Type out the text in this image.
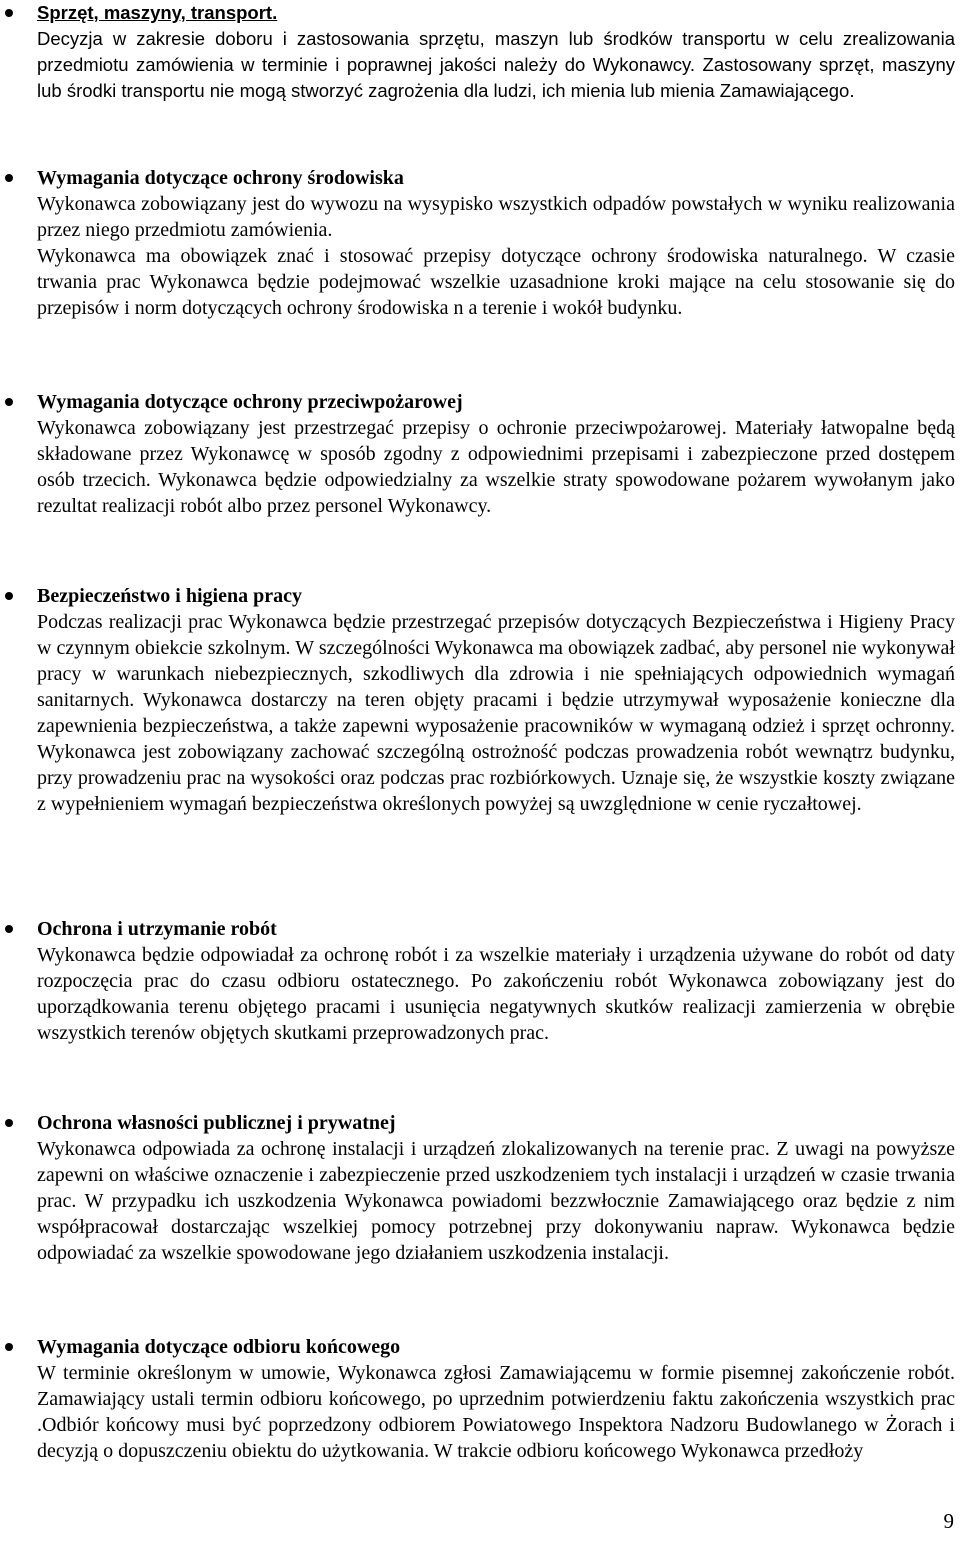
Sprzęt, maszyny, transport.
Decyzja w zakresie doboru i zastosowania sprzętu, maszyn lub środków transportu w celu zrealizowania przedmiotu zamówienia w terminie i poprawnej jakości należy do Wykonawcy. Zastosowany sprzęt, maszyny lub środki transportu nie mogą stworzyć zagrożenia dla ludzi, ich mienia lub mienia Zamawiającego.
Wymagania dotyczące ochrony środowiska
Wykonawca zobowiązany jest do wywozu na wysypisko wszystkich odpadów powstałych w wyniku realizowania przez niego przedmiotu zamówienia.
Wykonawca ma obowiązek znać i stosować przepisy dotyczące ochrony środowiska naturalnego. W czasie trwania prac Wykonawca będzie podejmować wszelkie uzasadnione kroki mające na celu stosowanie się do przepisów i norm dotyczących ochrony środowiska n a terenie i wokół budynku.
Wymagania dotyczące ochrony przeciwpożarowej
Wykonawca zobowiązany jest przestrzegać przepisy o ochronie przeciwpożarowej. Materiały łatwopalne będą składowane przez Wykonawcę w sposób zgodny z odpowiednimi przepisami i zabezpieczone przed dostępem osób trzecich. Wykonawca będzie odpowiedzialny za wszelkie straty spowodowane pożarem wywołanym jako rezultat realizacji robót albo przez personel Wykonawcy.
Bezpieczeństwo i higiena pracy
Podczas realizacji prac Wykonawca będzie przestrzegać przepisów dotyczących Bezpieczeństwa i Higieny Pracy w czynnym obiekcie szkolnym. W szczególności Wykonawca ma obowiązek zadbać, aby personel nie wykonywał pracy w warunkach niebezpiecznych, szkodliwych dla zdrowia i nie spełniających odpowiednich wymagań sanitarnych. Wykonawca dostarczy na teren objęty pracami i będzie utrzymywał wyposażenie konieczne dla zapewnienia bezpieczeństwa, a także zapewni wyposażenie pracowników w wymaganą odzież i sprzęt ochronny. Wykonawca jest zobowiązany zachować szczególną ostrożność podczas prowadzenia robót wewnątrz budynku, przy prowadzeniu prac na wysokości oraz podczas prac rozbiórkowych. Uznaje się, że wszystkie koszty związane z wypełnieniem wymagań bezpieczeństwa określonych powyżej są uwzględnione w cenie ryczałtowej.
Ochrona i utrzymanie robót
Wykonawca będzie odpowiadał za ochronę robót i za wszelkie materiały i urządzenia używane do robót od daty rozpoczęcia prac do czasu odbioru ostatecznego. Po zakończeniu robót Wykonawca zobowiązany jest do uporządkowania terenu objętego pracami i usunięcia negatywnych skutków realizacji zamierzenia w obrębie wszystkich terenów objętych skutkami przeprowadzonych prac.
Ochrona własności publicznej i prywatnej
Wykonawca odpowiada za ochronę instalacji i urządzeń zlokalizowanych na terenie prac. Z uwagi na powyższe zapewni on właściwe oznaczenie i zabezpieczenie przed uszkodzeniem tych instalacji i urządzeń w czasie trwania prac. W przypadku ich uszkodzenia Wykonawca powiadomi bezzwłocznie Zamawiającego oraz będzie z nim współpracował dostarczając wszelkiej pomocy potrzebnej przy dokonywaniu napraw. Wykonawca będzie odpowiadać za wszelkie spowodowane jego działaniem uszkodzenia instalacji.
Wymagania dotyczące odbioru końcowego
W terminie określonym w umowie, Wykonawca zgłosi Zamawiającemu w formie pisemnej zakończenie robót. Zamawiający ustali termin odbioru końcowego, po uprzednim potwierdzeniu faktu zakończenia wszystkich prac .Odbiór końcowy musi być poprzedzony odbiorem Powiatowego Inspektora Nadzoru Budowlanego w Żorach i decyzją o dopuszczeniu obiektu do użytkowania. W trakcie odbioru końcowego Wykonawca przedłoży
9
